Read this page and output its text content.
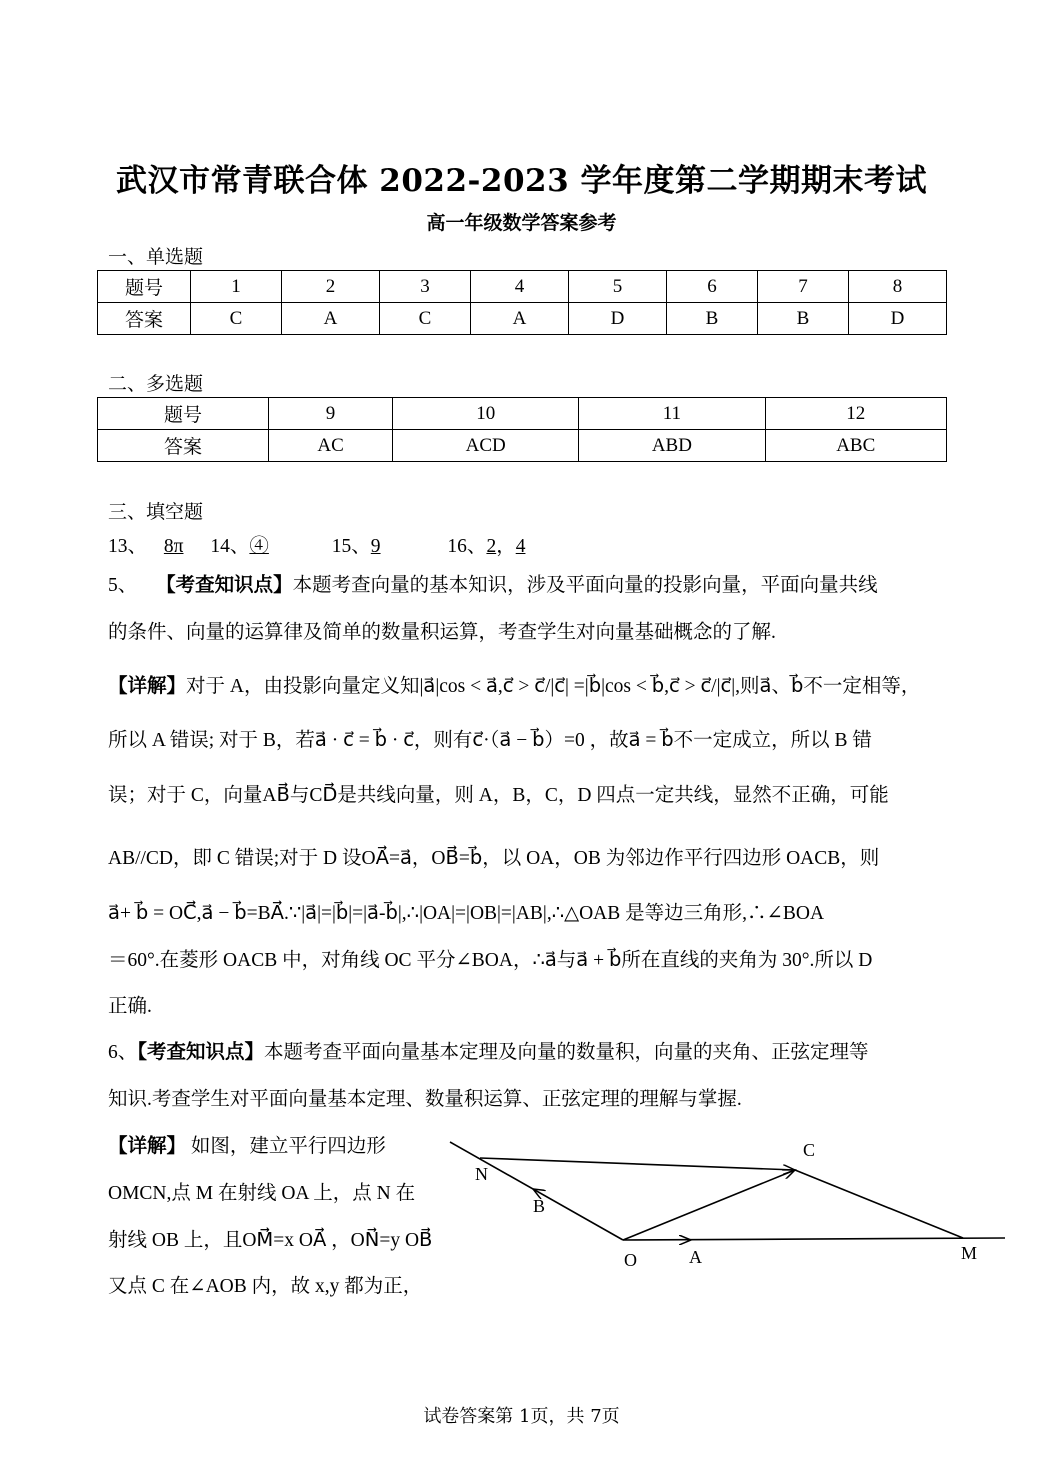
武汉市常青联合体 2022-2023 学年度第二学期期末考试
高一年级数学答案参考
一、单选题
题号	1	2	3	4	5	6	7	8
答案	C	A	C	A	D	B	B	D
二、多选题
题号	9	10	11	12
答案	AC	ACD	ABD	ABC
三、填空题
13、 8π 14、④	15、9	16、2，4
5、 【考查知识点】本题考查向量的基本知识，涉及平面向量的投影向量，平面向量共线
的条件、向量的运算律及简单的数量积运算，考查学生对向量基础概念的了解.
【详解】对于 A，由投影向量定义知|a⃗|cos < a⃗,c⃗ > c⃗/|c⃗| =|b⃗|cos < b⃗,c⃗ > c⃗/|c⃗|,则a⃗、b⃗不一定相等，
所以 A 错误; 对于 B，若a⃗ · c⃗ = b⃗ · c⃗，则有c⃗·（a⃗ − b⃗）=0 ，故a⃗ = b⃗不一定成立，所以 B 错
误；对于 C，向量AB⃗⃗与CD⃗⃗是共线向量，则 A，B，C，D 四点一定共线，显然不正确，可能
AB//CD，即 C 错误;对于 D 设OA⃗⃗=a⃗，OB⃗⃗=b⃗，以 OA，OB 为邻边作平行四边形 OACB，则
a⃗+ b⃗ = OC⃗⃗,a⃗ − b⃗=BA⃗⃗.∵|a⃗|=|b⃗|=|a⃗-b⃗|,∴|OA|=|OB|=|AB|,∴△OAB 是等边三角形,∴∠BOA
＝60°.在菱形 OACB 中，对角线 OC 平分∠BOA，∴a⃗与a⃗ + b⃗所在直线的夹角为 30°.所以 D
正确.
6、【考查知识点】本题考查平面向量基本定理及向量的数量积，向量的夹角、正弦定理等
知识.考查学生对平面向量基本定理、数量积运算、正弦定理的理解与掌握.
【详解】 如图，建立平行四边形
OMCN,点 M 在射线 OA 上，点 N 在
射线 OB 上，且OM⃗⃗⃗=x OA⃗⃗ ，ON⃗⃗=y OB⃗⃗
又点 C 在∠AOB 内，故 x,y 都为正，
N
B
O	A
C
M
试卷答案第 1页，共 7页
